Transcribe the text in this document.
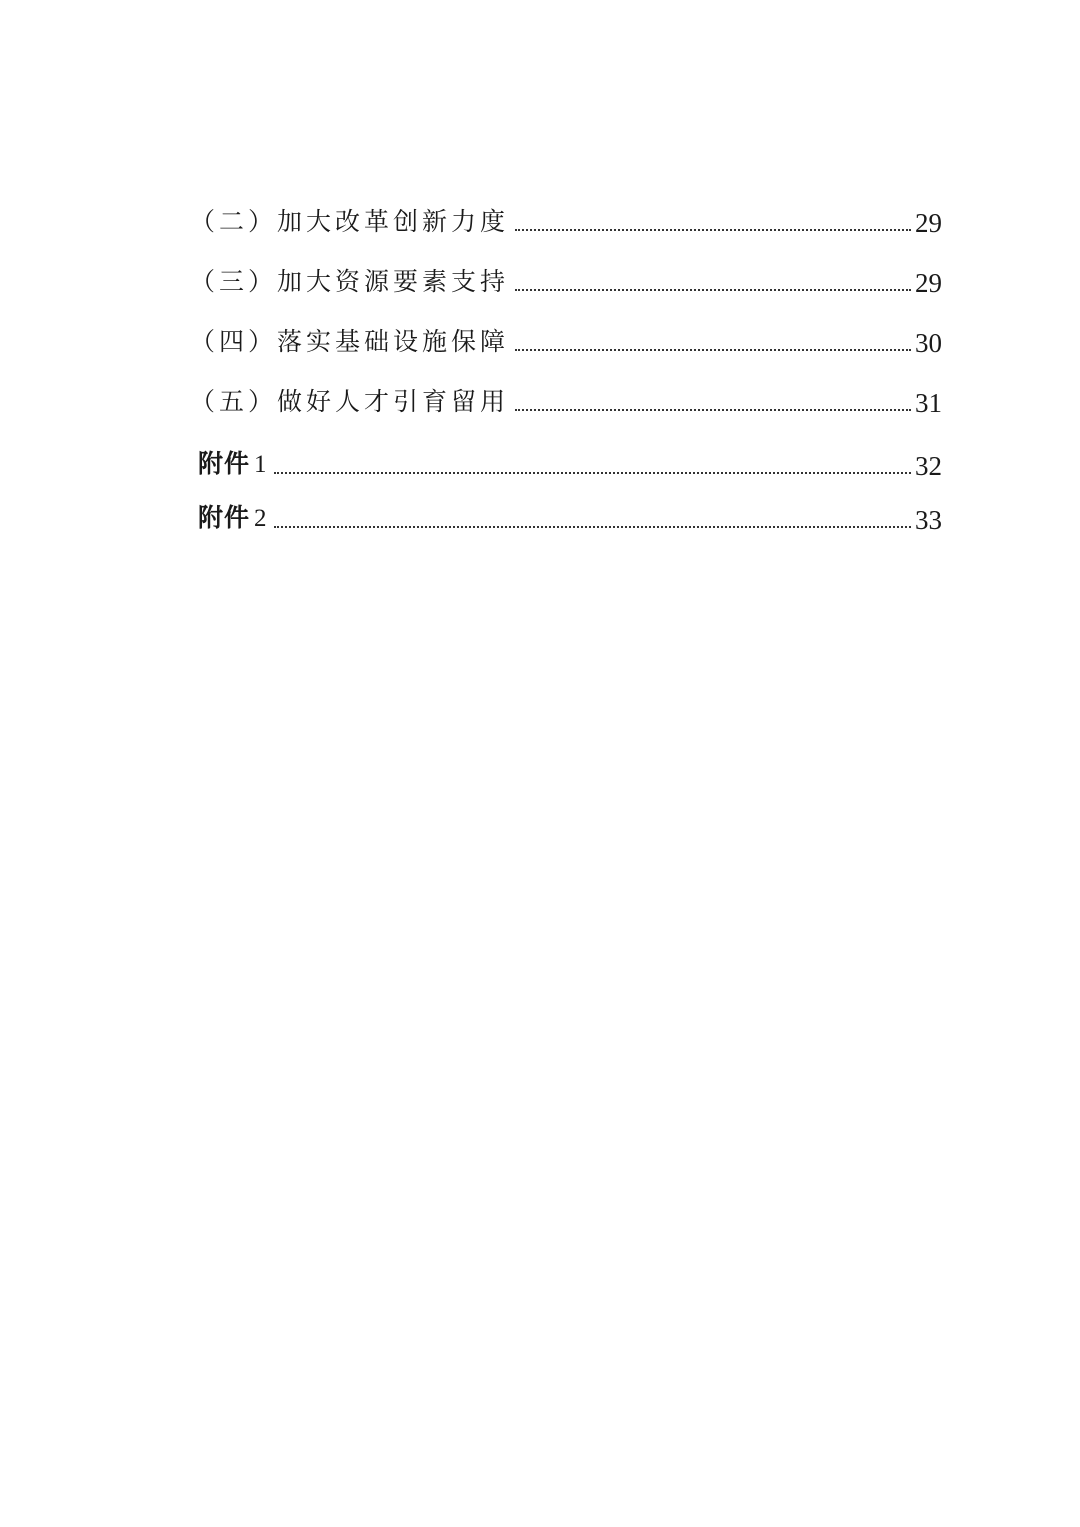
（二）加大改革创新力度	29
（三）加大资源要素支持	29
（四）落实基础设施保障	30
（五）做好人才引育留用	31
附件 1	32
附件 2	33
